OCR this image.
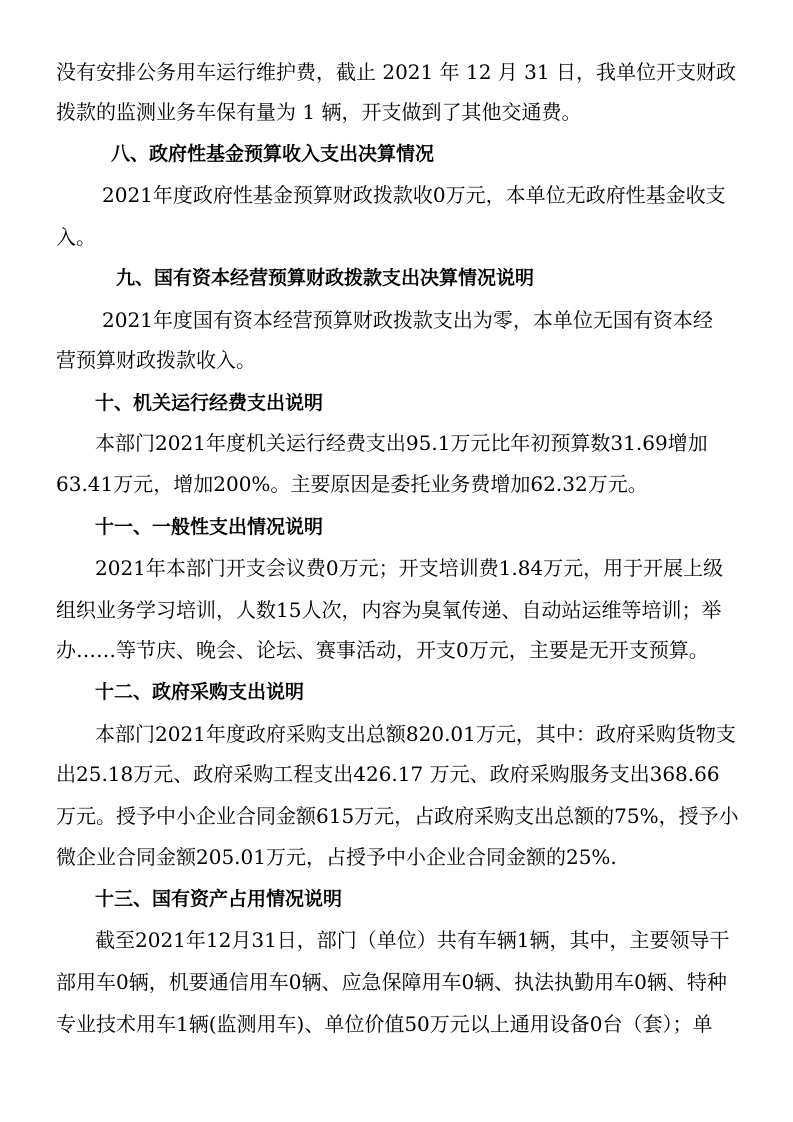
没有安排公务用车运行维护费，截止 2021 年 12 月 31 日，我单位开支财政
拨款的监测业务车保有量为 1 辆，开支做到了其他交通费。
八、政府性基金预算收入支出决算情况
2021年度政府性基金预算财政拨款收0万元，本单位无政府性基金收支
入。
九、国有资本经营预算财政拨款支出决算情况说明
2021年度国有资本经营预算财政拨款支出为零，本单位无国有资本经
营预算财政拨款收入。
十、机关运行经费支出说明
本部门2021年度机关运行经费支出95.1万元比年初预算数31.69增加
63.41万元，增加200%。主要原因是委托业务费增加62.32万元。
十一、一般性支出情况说明
2021年本部门开支会议费0万元；开支培训费1.84万元，用于开展上级
组织业务学习培训，人数15人次，内容为臭氧传递、自动站运维等培训；举
办……等节庆、晚会、论坛、赛事活动，开支0万元，主要是无开支预算。
十二、政府采购支出说明
本部门2021年度政府采购支出总额820.01万元，其中：政府采购货物支
出25.18万元、政府采购工程支出426.17 万元、政府采购服务支出368.66
万元。授予中小企业合同金额615万元，占政府采购支出总额的75%，授予小
微企业合同金额205.01万元，占授予中小企业合同金额的25%.
十三、国有资产占用情况说明
截至2021年12月31日，部门（单位）共有车辆1辆，其中，主要领导干
部用车0辆，机要通信用车0辆、应急保障用车0辆、执法执勤用车0辆、特种
专业技术用车1辆(监测用车)、单位价值50万元以上通用设备0台（套）；单
